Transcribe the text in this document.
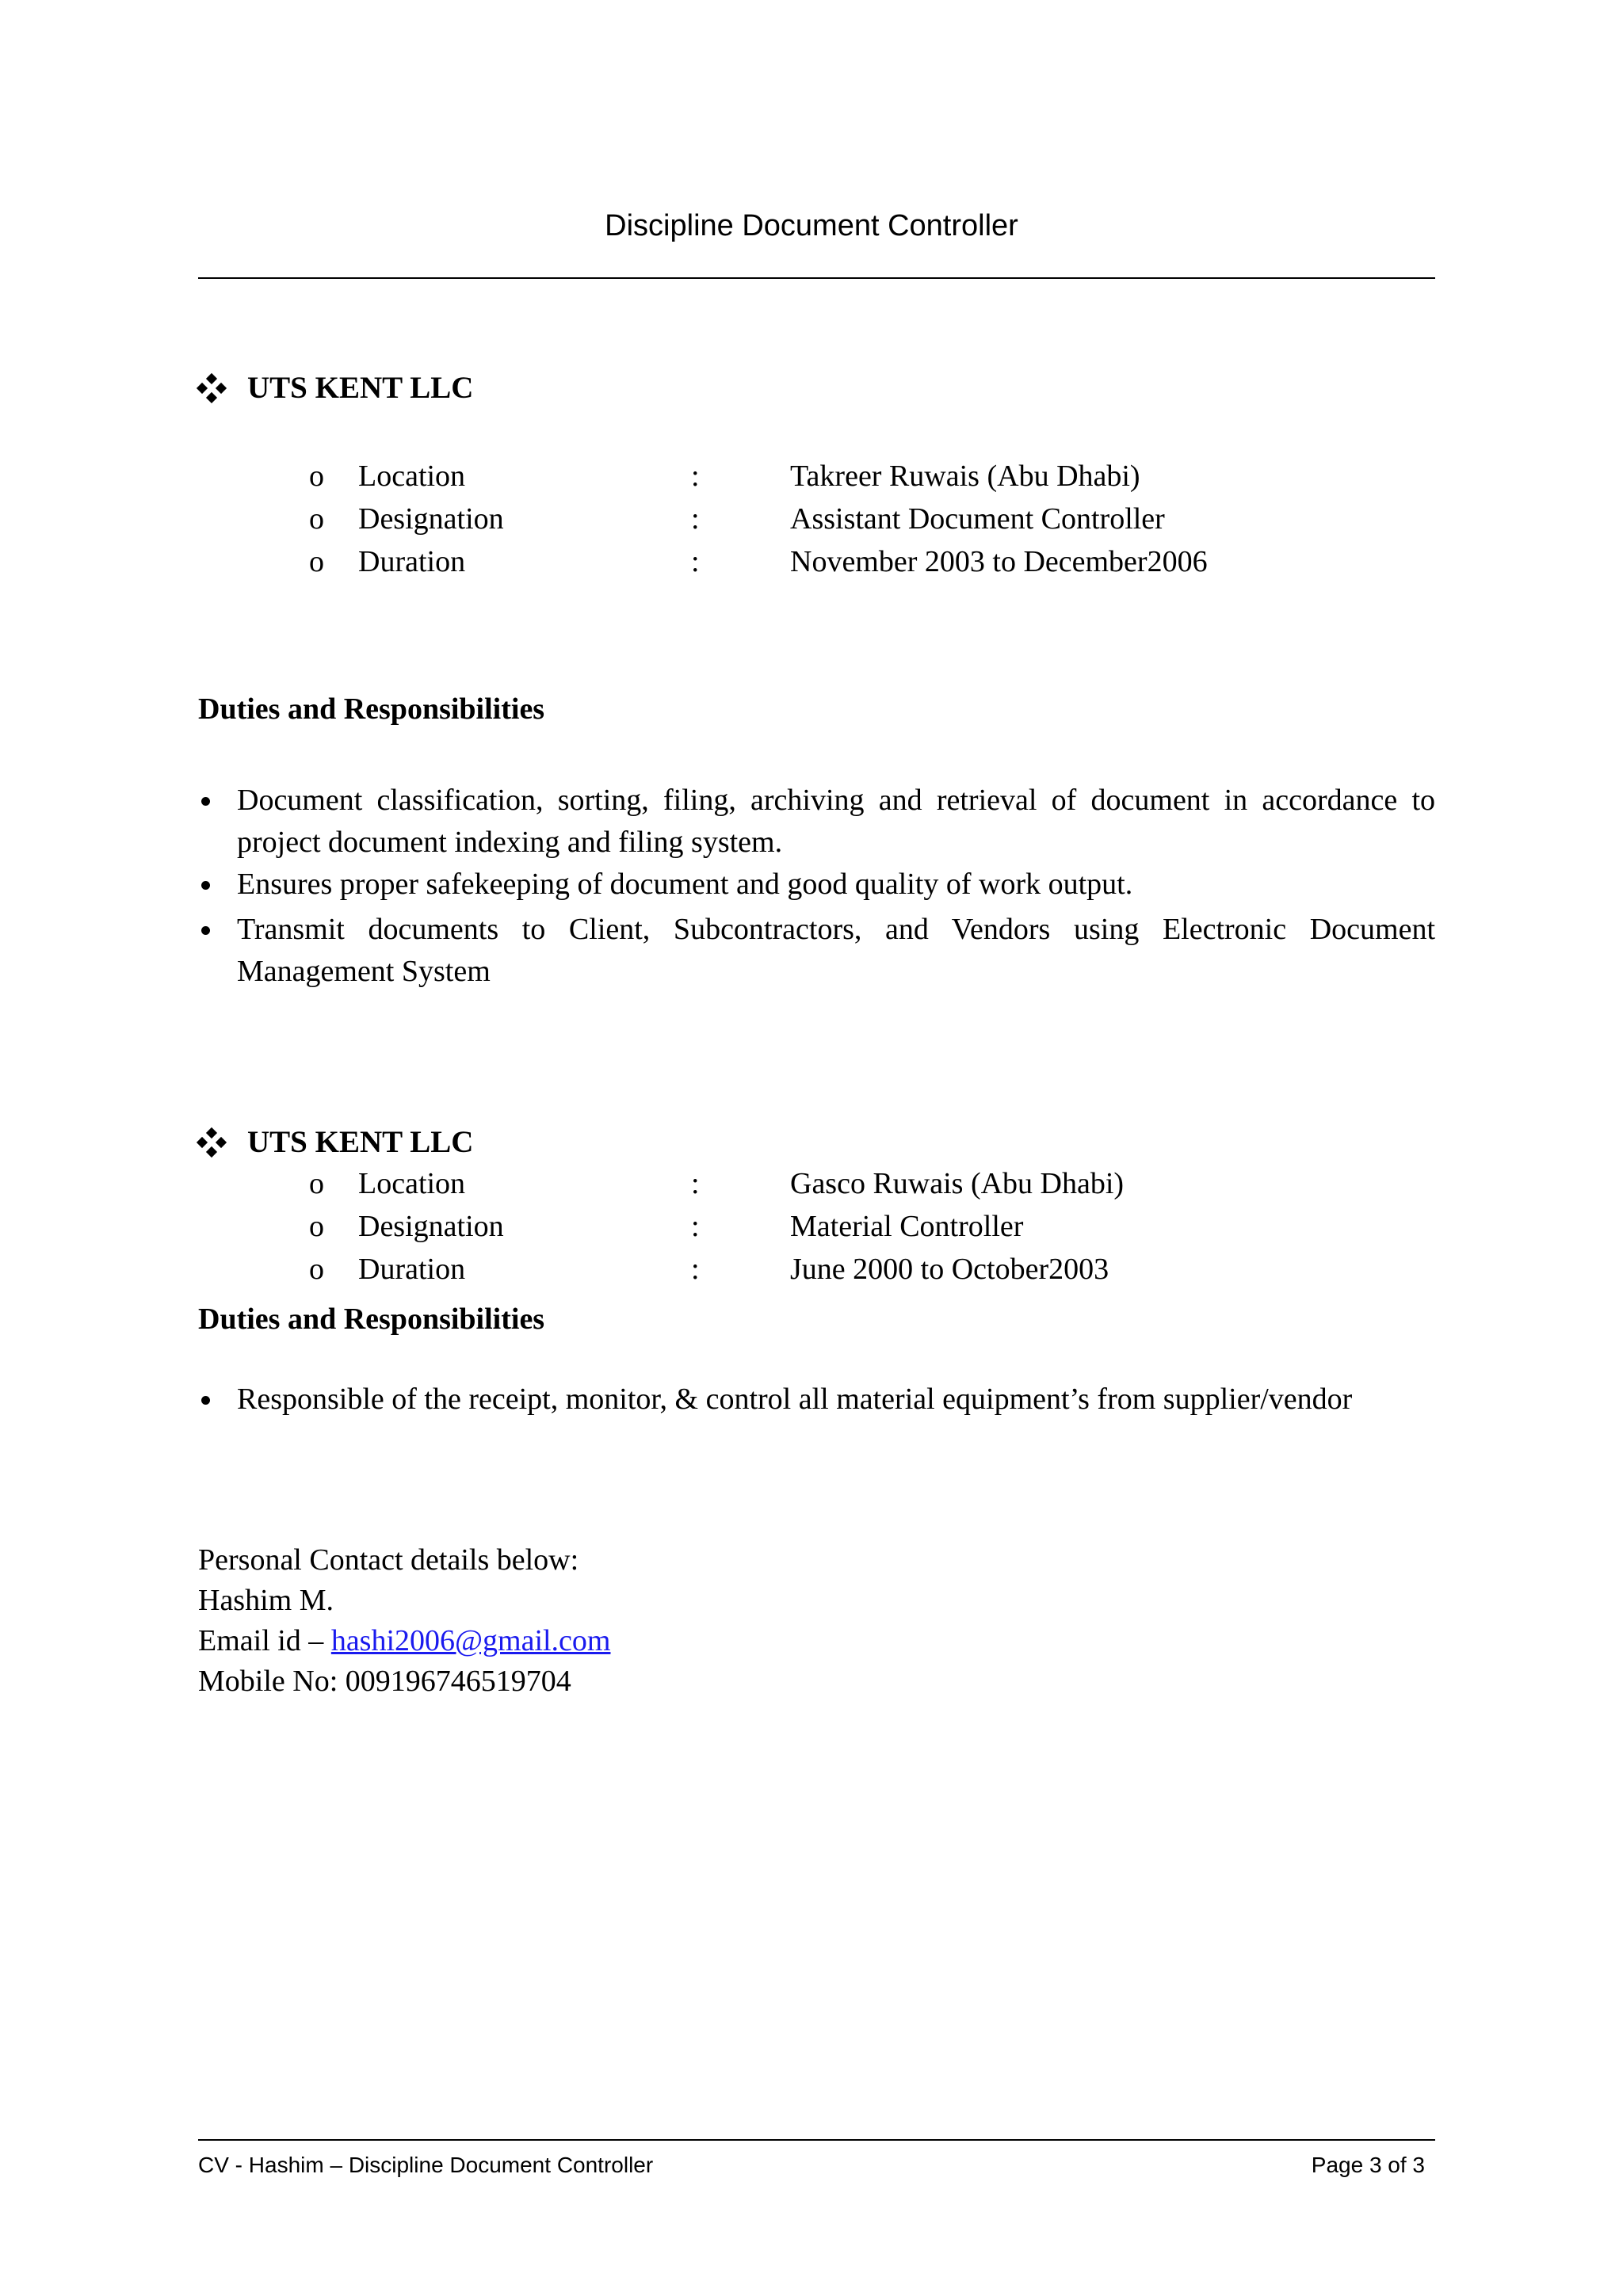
Discipline Document Controller
UTS KENT LLC
o Location	:	Takreer Ruwais (Abu Dhabi)
o Designation	:	Assistant Document Controller
o Duration	:	November 2003 to December2006
Duties and Responsibilities
Document classification, sorting, filing, archiving and retrieval of document in accordance to project document indexing and filing system.
Ensures proper safekeeping of document and good quality of work output.
Transmit documents to Client, Subcontractors, and Vendors using Electronic Document Management System
UTS KENT LLC
o Location	:	Gasco Ruwais (Abu Dhabi)
o Designation	:	Material Controller
o Duration	:	June 2000 to October2003
Duties and Responsibilities
Responsible of the receipt, monitor, & control all material equipment’s from supplier/vendor
Personal Contact details below:
Hashim M.
Email id – hashi2006@gmail.com
Mobile No: 009196746519704
CV - Hashim – Discipline Document Controller	Page 3 of 3
